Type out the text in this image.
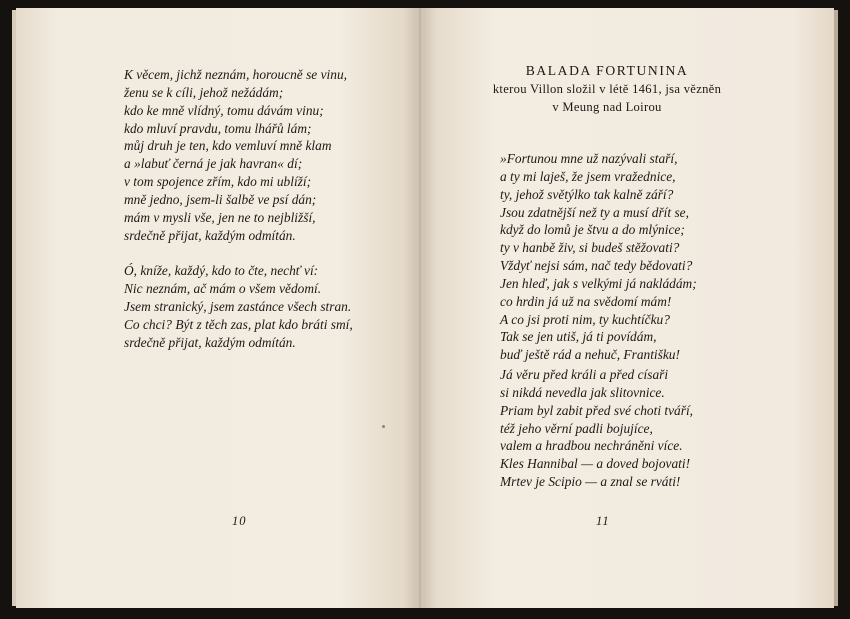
K věcem, jichž neznám, horoucně se vinu,
ženu se k cíli, jehož nežádám;
kdo ke mně vlídný, tomu dávám vinu;
kdo mluví pravdu, tomu lhářů lám;
můj druh je ten, kdo vemluví mně klam
a »labuť černá je jak havran« dí;
v tom spojence zřím, kdo mi ublíží;
mně jedno, jsem-li šalbě ve psí dán;
mám v mysli vše, jen ne to nejbližší,
srdečně přijat, každým odmítán.
Ó, kníže, každý, kdo to čte, nechť ví:
Nic neznám, ač mám o všem vědomí.
Jsem stranický, jsem zastánce všech stran.
Co chci? Být z těch zas, plat kdo bráti smí,
srdečně přijat, každým odmítán.
10
BALADA FORTUNINA
kterou Villon složil v létě 1461, jsa vězněn
v Meung nad Loirou
»Fortunou mne už nazývali staří,
a ty mi laješ, že jsem vražednice,
ty, jehož světýlko tak kalně září?
Jsou zdatnější než ty a musí dřít se,
když do lomů je štvu a do mlýnice;
ty v hanbě živ, si budeš stěžovati?
Vždyť nejsi sám, nač tedy bědovati?
Jen hleď, jak s velkými já nakládám;
co hrdin já už na svědomí mám!
A co jsi proti nim, ty kuchtíčku?
Tak se jen utiš, já ti povídám,
buď ještě rád a nehuč, Františku!
Já věru před králi a před císaři
si nikdá nevedla jak slitovnice.
Priam byl zabit před své choti tváří,
též jeho věrní padli bojujíce,
valem a hradbou nechráněni více.
Kles Hannibal — a doved bojovati!
Mrtev je Scipio — a znal se rváti!
11
